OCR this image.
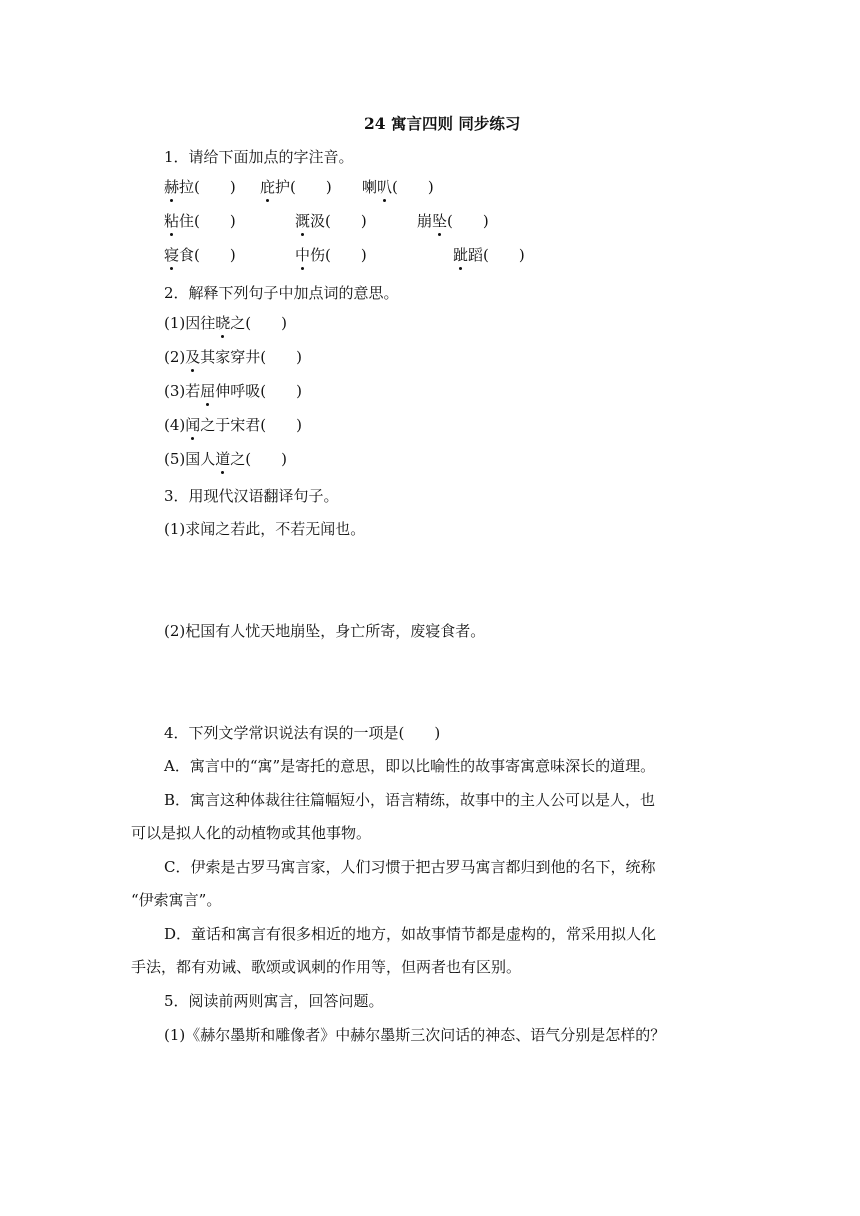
24 寓言四则 同步练习
1．请给下面加点的字注音。
赫拉(　　) 庇护(　　) 喇叭(　　)
粘住(　　)	溉汲(　　)	崩坠(　　)
寝食(　　)	中伤(　　)	跐蹈(　　)
2．解释下列句子中加点词的意思。
(1)因往晓之(　　)
(2)及其家穿井(　　)
(3)若屈伸呼吸(　　)
(4)闻之于宋君(　　)
(5)国人道之(　　)
3．用现代汉语翻译句子。
(1)求闻之若此，不若无闻也。
(2)杞国有人忧天地崩坠，身亡所寄，废寝食者。
4．下列文学常识说法有误的一项是(　　)
A．寓言中的“寓”是寄托的意思，即以比喻性的故事寄寓意味深长的道理。
B．寓言这种体裁往往篇幅短小，语言精练，故事中的主人公可以是人，也
可以是拟人化的动植物或其他事物。
C．伊索是古罗马寓言家，人们习惯于把古罗马寓言都归到他的名下，统称
“伊索寓言”。
D．童话和寓言有很多相近的地方，如故事情节都是虚构的，常采用拟人化
手法，都有劝诫、歌颂或讽刺的作用等，但两者也有区别。
5．阅读前两则寓言，回答问题。
(1)《赫尔墨斯和雕像者》中赫尔墨斯三次问话的神态、语气分别是怎样的？
